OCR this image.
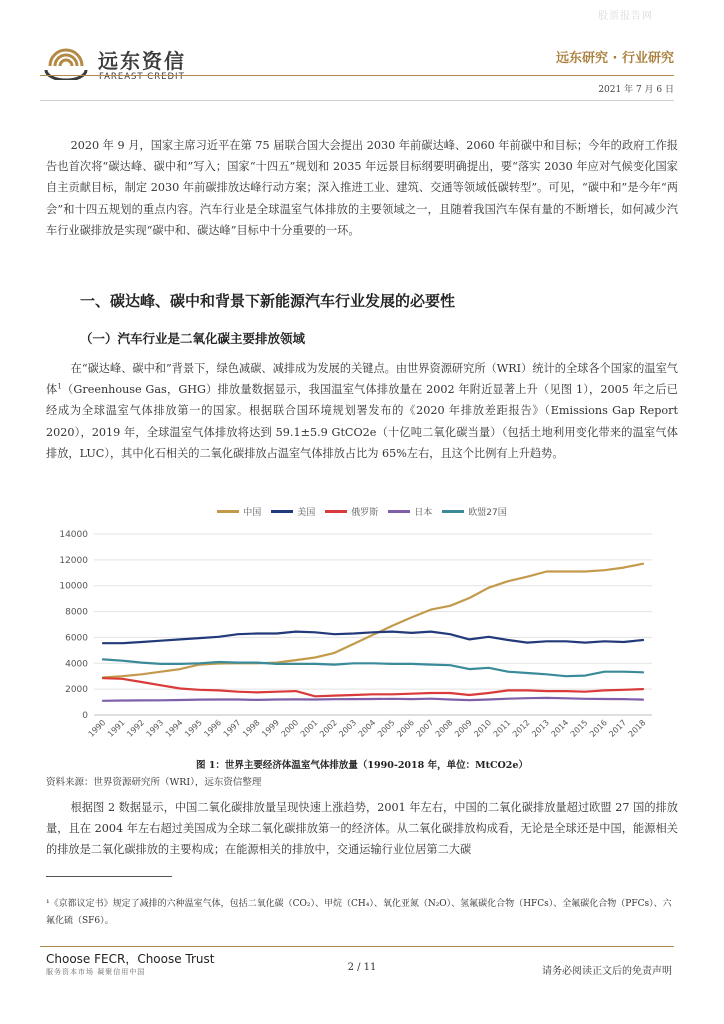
股票报告网
远东资信
FAREAST CREDIT
远东研究 · 行业研究
2021 年 7 月 6 日

2020 年 9 月，国家主席习近平在第 75 届联合国大会提出 2030 年前碳达峰、2060 年前碳中和目标；今年的政府工作报告也首次将“碳达峰、碳中和”写入；国家“十四五”规划和 2035 年远景目标纲要明确提出，要“落实 2030 年应对气候变化国家自主贡献目标，制定 2030 年前碳排放达峰行动方案；深入推进工业、建筑、交通等领域低碳转型”。可见，“碳中和”是今年“两会”和十四五规划的重点内容。汽车行业是全球温室气体排放的主要领域之一，且随着我国汽车保有量的不断增长，如何减少汽车行业碳排放是实现“碳中和、碳达峰”目标中十分重要的一环。

一、碳达峰、碳中和背景下新能源汽车行业发展的必要性
（一）汽车行业是二氧化碳主要排放领域

在“碳达峰、碳中和”背景下，绿色减碳、减排成为发展的关键点。由世界资源研究所（WRI）统计的全球各个国家的温室气体$^1$（Greenhouse Gas，GHG）排放量数据显示，我国温室气体排放量在 2002 年附近显著上升（见图 1），2005 年之后已经成为全球温室气体排放第一的国家。根据联合国环境规划署发布的《2020 年排放差距报告》（Emissions Gap Report 2020），2019 年，全球温室气体排放将达到 59.1±5.9 GtCO2e（十亿吨二氧化碳当量）（包括土地利用变化带来的温室气体排放，LUC），其中化石相关的二氧化碳排放占温室气体排放占比为 65%左右，且这个比例有上升趋势。

中国	美国	俄罗斯	日本	欧盟27国
0
2000
4000
6000
8000
10000
12000
14000
1990
1991
1992
1993
1994
1995
1996
1997
1998
1999
2000
2001
2002
2003
2004
2005
2006
2007
2008
2009
2010
2011
2012
2013
2014
2015
2016
2017
2018
图 1：世界主要经济体温室气体排放量（1990-2018 年，单位：MtCO2e）
资料来源：世界资源研究所（WRI），远东资信整理

根据图 2 数据显示，中国二氧化碳排放量呈现快速上涨趋势，2001 年左右，中国的二氧化碳排放量超过欧盟 27 国的排放量，且在 2004 年左右超过美国成为全球二氧化碳排放第一的经济体。从二氧化碳排放构成看，无论是全球还是中国，能源相关的排放是二氧化碳排放的主要构成；在能源相关的排放中，交通运输行业位居第二大碳

¹《京都议定书》规定了减排的六种温室气体，包括二氧化碳（CO₂）、甲烷（CH₄）、氧化亚氮（N₂O）、氢氟碳化合物（HFCs）、全氟碳化合物（PFCs）、六氟化硫（SF6）。

Choose FECR，Choose Trust
服务资本市场 凝聚信用中国	2 / 11	请务必阅读正文后的免责声明
